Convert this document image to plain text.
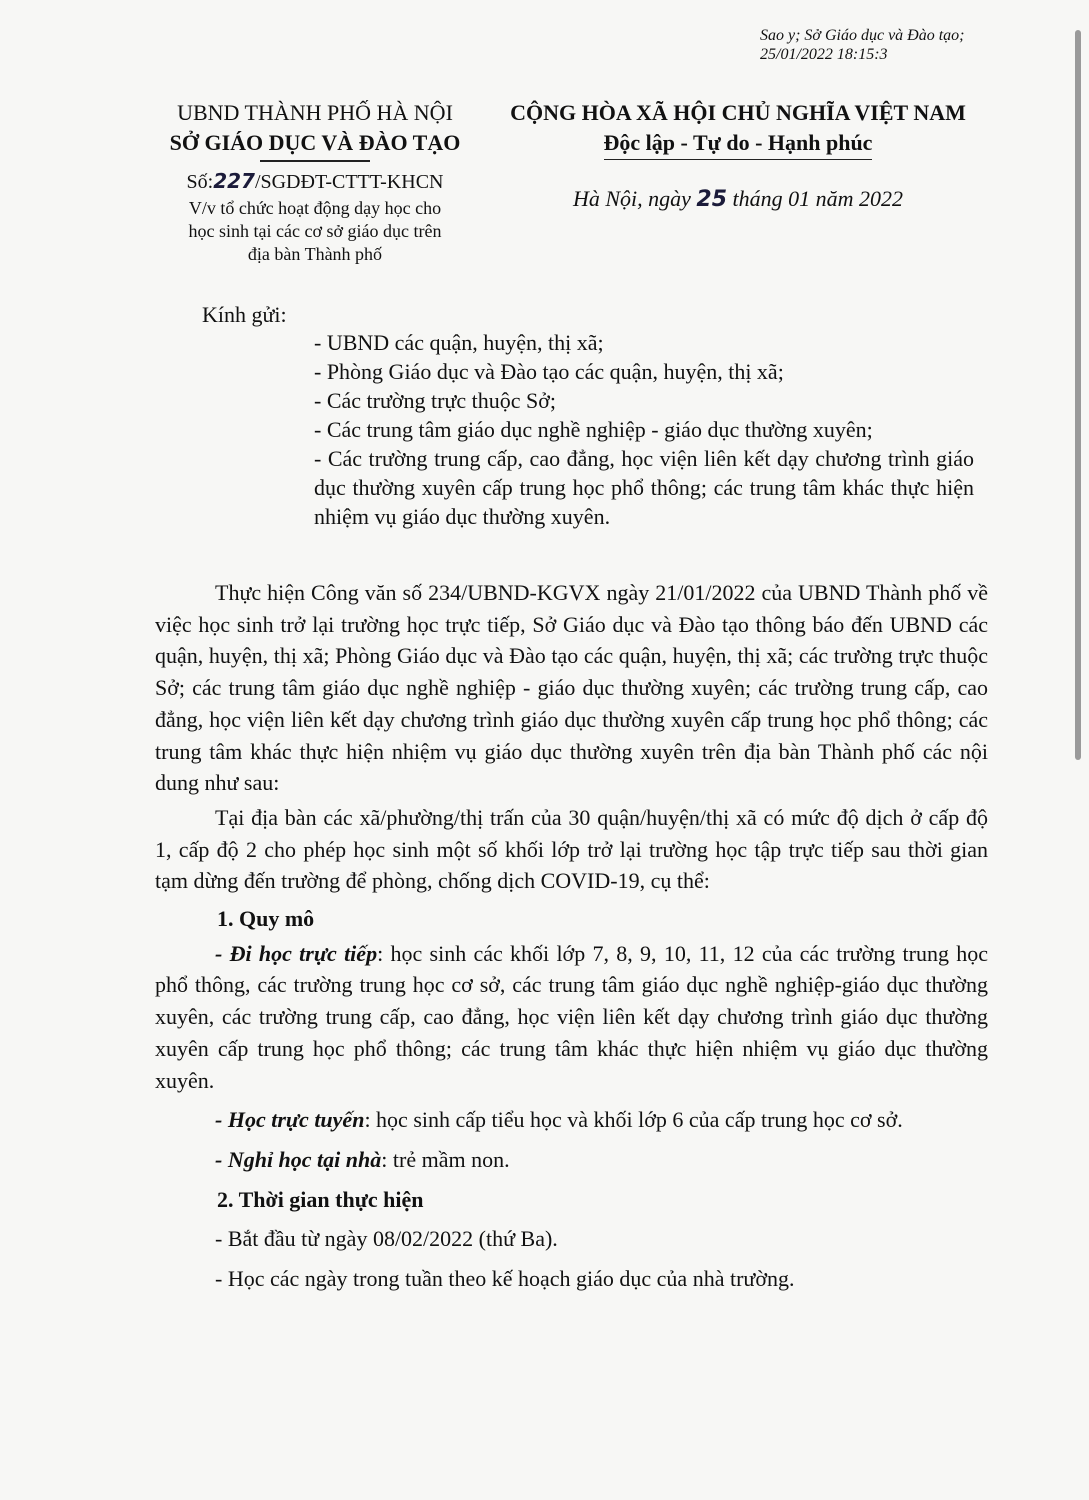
Sao y; Sở Giáo dục và Đào tạo;
25/01/2022 18:15:3
UBND THÀNH PHỐ HÀ NỘI
SỞ GIÁO DỤC VÀ ĐÀO TẠO
CỘNG HÒA XÃ HỘI CHỦ NGHĨA VIỆT NAM
Độc lập - Tự do - Hạnh phúc
Số:227/SGDĐT-CTTT-KHCN
V/v tổ chức hoạt động dạy học cho
học sinh tại các cơ sở giáo dục trên
địa bàn Thành phố
Hà Nội, ngày 25 tháng 01 năm 2022
Kính gửi:
- UBND các quận, huyện, thị xã;
- Phòng Giáo dục và Đào tạo các quận, huyện, thị xã;
- Các trường trực thuộc Sở;
- Các trung tâm giáo dục nghề nghiệp - giáo dục thường xuyên;
- Các trường trung cấp, cao đẳng, học viện liên kết dạy chương trình giáo dục thường xuyên cấp trung học phổ thông; các trung tâm khác thực hiện nhiệm vụ giáo dục thường xuyên.

Thực hiện Công văn số 234/UBND-KGVX ngày 21/01/2022 của UBND Thành phố về việc học sinh trở lại trường học trực tiếp, Sở Giáo dục và Đào tạo thông báo đến UBND các quận, huyện, thị xã; Phòng Giáo dục và Đào tạo các quận, huyện, thị xã; các trường trực thuộc Sở; các trung tâm giáo dục nghề nghiệp - giáo dục thường xuyên; các trường trung cấp, cao đẳng, học viện liên kết dạy chương trình giáo dục thường xuyên cấp trung học phổ thông; các trung tâm khác thực hiện nhiệm vụ giáo dục thường xuyên trên địa bàn Thành phố các nội dung như sau:

Tại địa bàn các xã/phường/thị trấn của 30 quận/huyện/thị xã có mức độ dịch ở cấp độ 1, cấp độ 2 cho phép học sinh một số khối lớp trở lại trường học tập trực tiếp sau thời gian tạm dừng đến trường để phòng, chống dịch COVID-19, cụ thể:

1. Quy mô

- Đi học trực tiếp: học sinh các khối lớp 7, 8, 9, 10, 11, 12 của các trường trung học phổ thông, các trường trung học cơ sở, các trung tâm giáo dục nghề nghiệp-giáo dục thường xuyên, các trường trung cấp, cao đẳng, học viện liên kết dạy chương trình giáo dục thường xuyên cấp trung học phổ thông; các trung tâm khác thực hiện nhiệm vụ giáo dục thường xuyên.

- Học trực tuyến: học sinh cấp tiểu học và khối lớp 6 của cấp trung học cơ sở.

- Nghỉ học tại nhà: trẻ mầm non.

2. Thời gian thực hiện

- Bắt đầu từ ngày 08/02/2022 (thứ Ba).

- Học các ngày trong tuần theo kế hoạch giáo dục của nhà trường.
